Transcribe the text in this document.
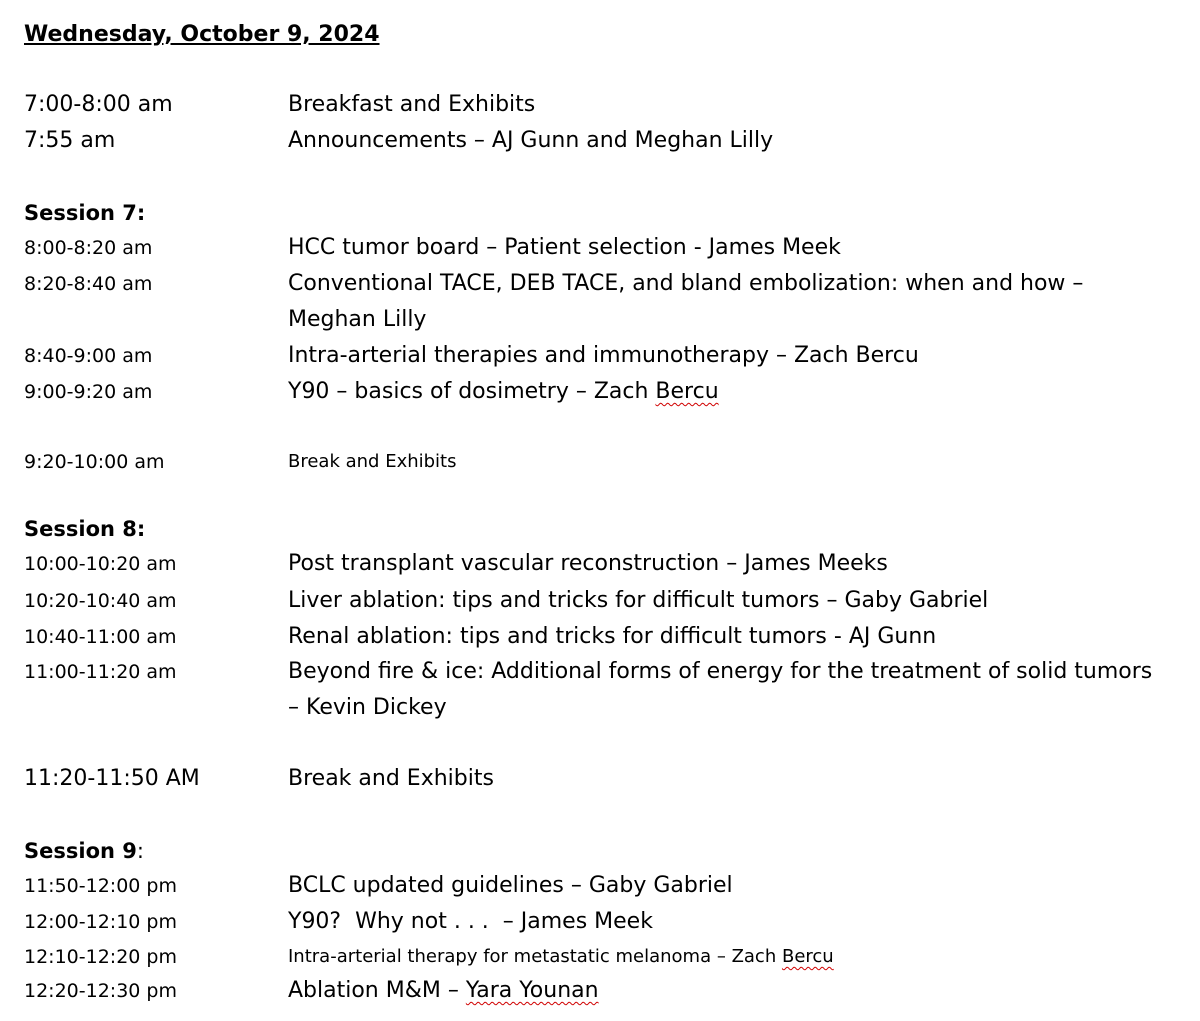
Wednesday, October 9, 2024
7:00-8:00 am	Breakfast and Exhibits
7:55 am	Announcements – AJ Gunn and Meghan Lilly
Session 7:
8:00-8:20 am	HCC tumor board – Patient selection - James Meek
8:20-8:40 am	Conventional TACE, DEB TACE, and bland embolization: when and how – Meghan Lilly
8:40-9:00 am	Intra-arterial therapies and immunotherapy – Zach Bercu
9:00-9:20 am	Y90 – basics of dosimetry – Zach Bercu
9:20-10:00 am	Break and Exhibits
Session 8:
10:00-10:20 am	Post transplant vascular reconstruction – James Meeks
10:20-10:40 am	Liver ablation: tips and tricks for difficult tumors – Gaby Gabriel
10:40-11:00 am	Renal ablation: tips and tricks for difficult tumors - AJ Gunn
11:00-11:20 am	Beyond fire & ice: Additional forms of energy for the treatment of solid tumors – Kevin Dickey
11:20-11:50 AM	Break and Exhibits
Session 9:
11:50-12:00 pm	BCLC updated guidelines – Gaby Gabriel
12:00-12:10 pm	Y90?  Why not . . .  – James Meek
12:10-12:20 pm	Intra-arterial therapy for metastatic melanoma – Zach Bercu
12:20-12:30 pm	Ablation M&M – Yara Younan
